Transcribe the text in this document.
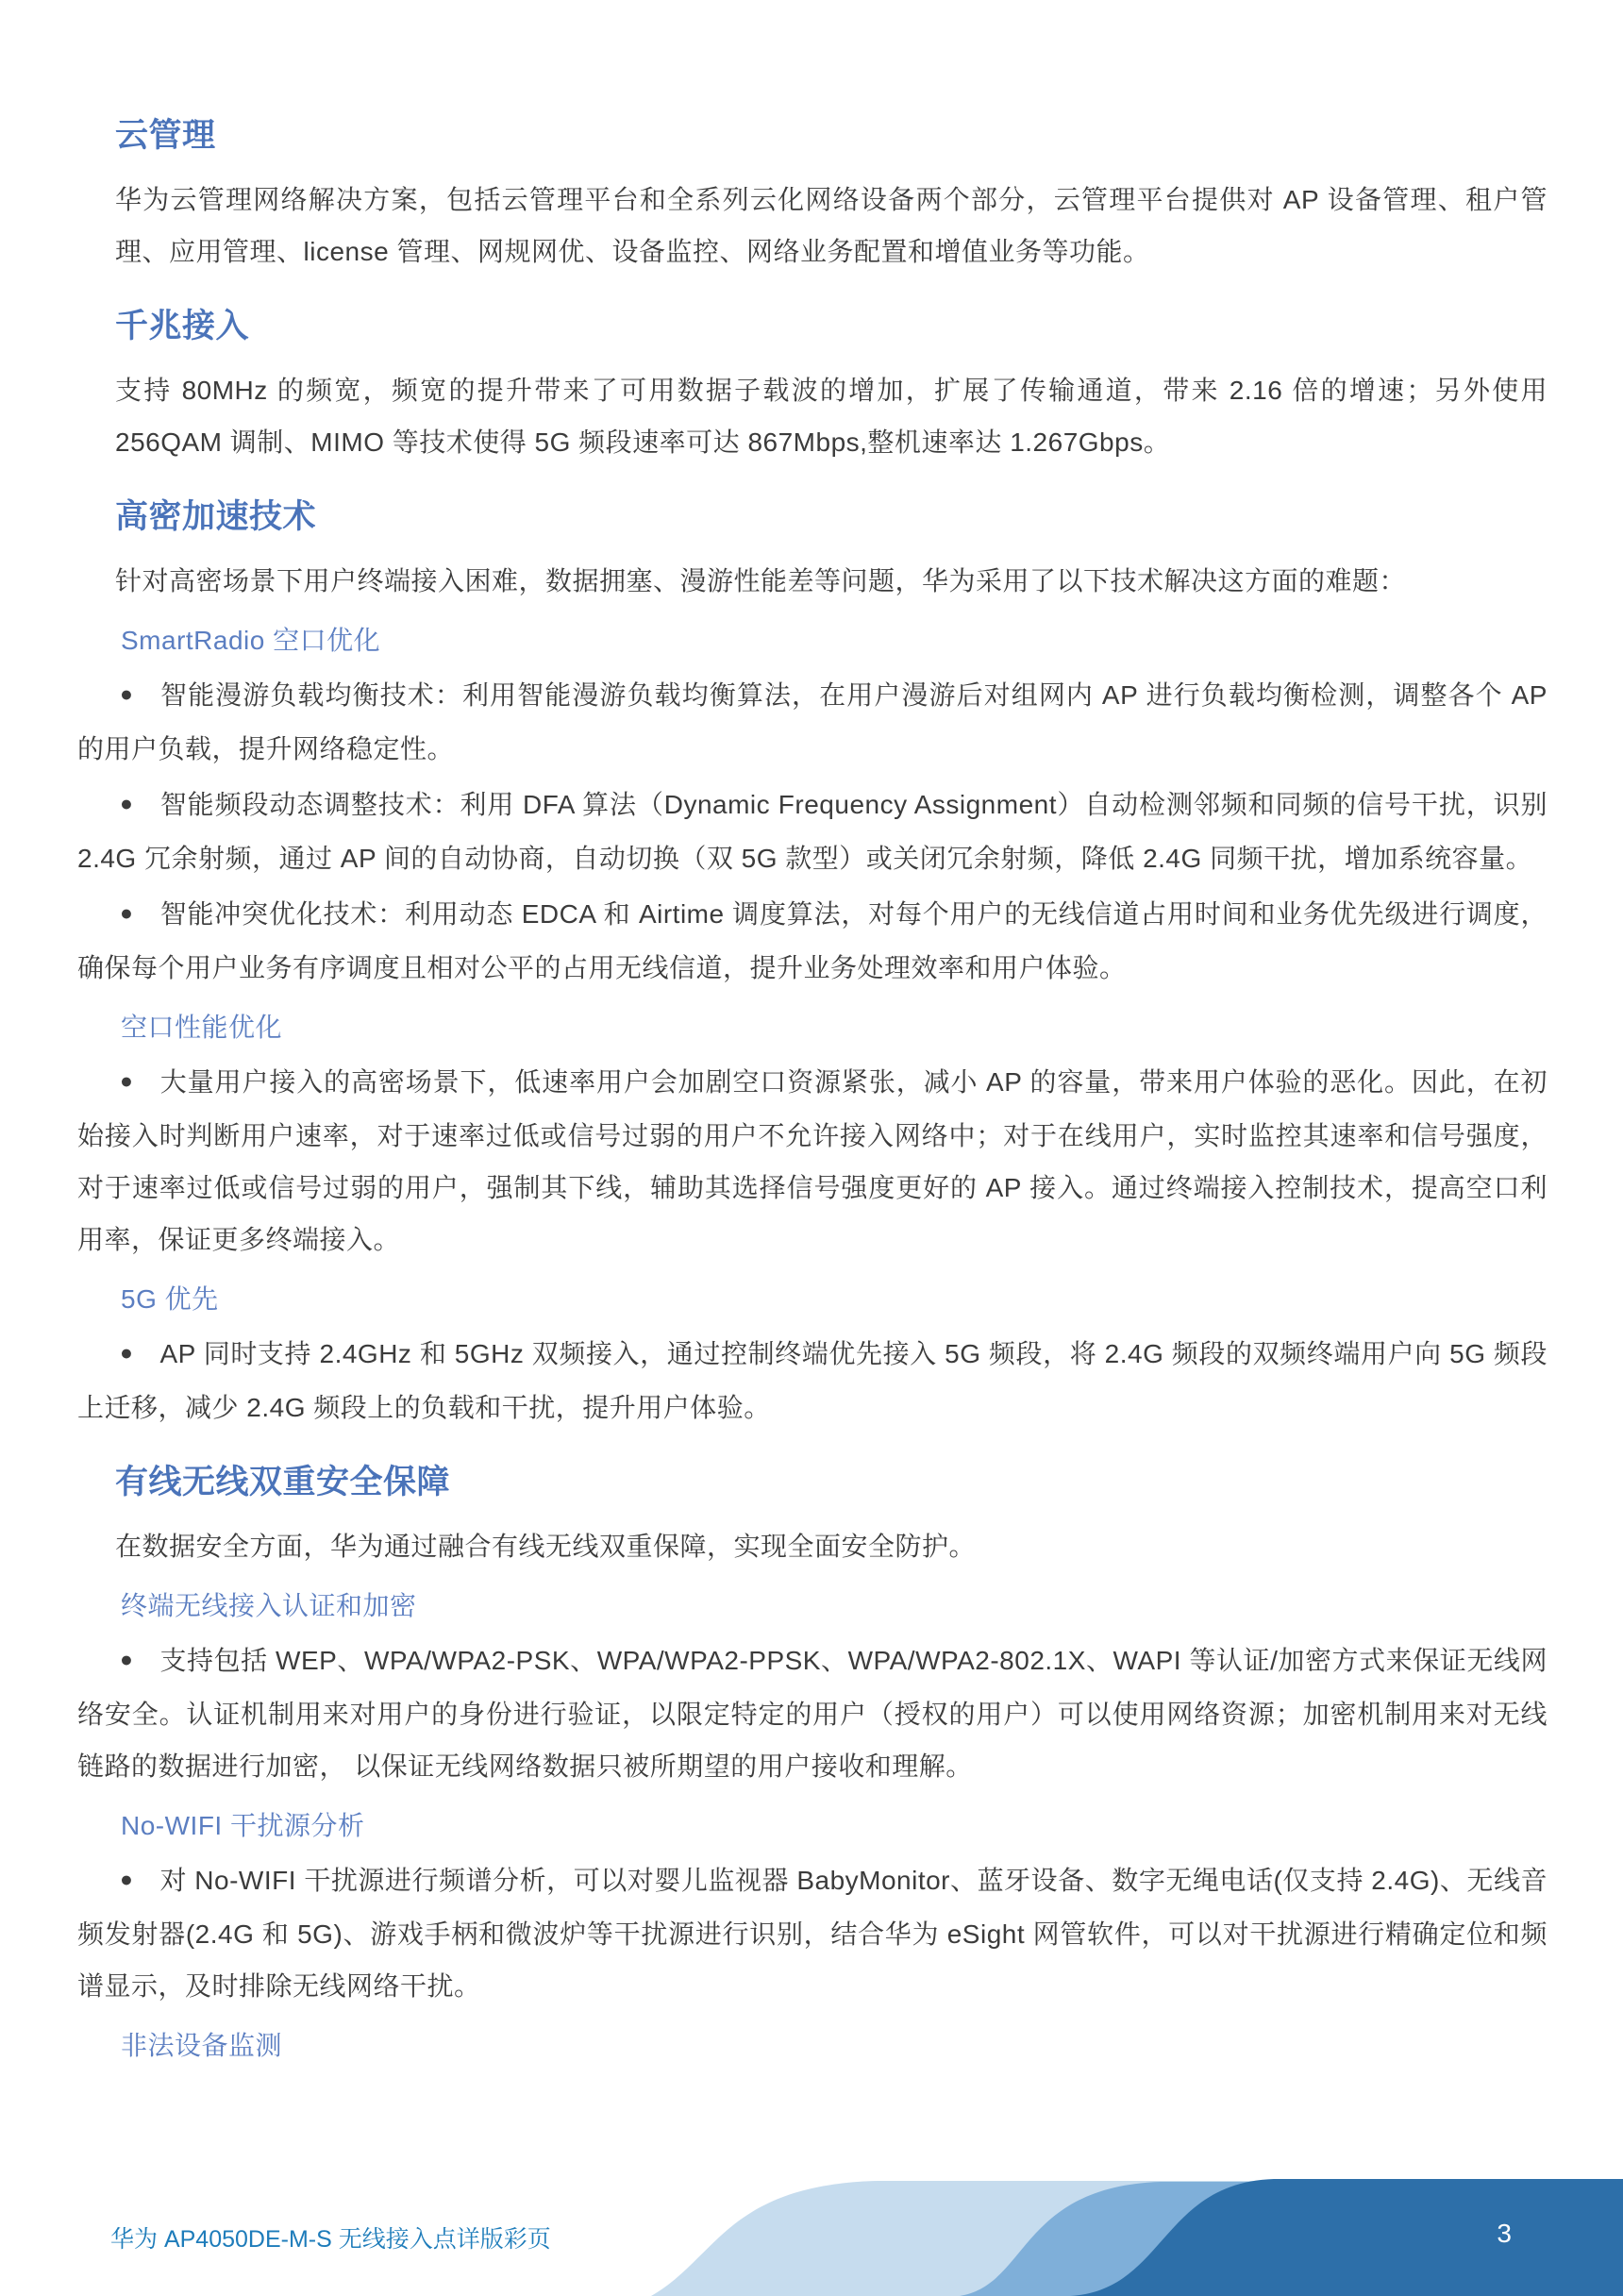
云管理

华为云管理网络解决方案，包括云管理平台和全系列云化网络设备两个部分，云管理平台提供对 AP 设备管理、租户管理、应用管理、license 管理、网规网优、设备监控、网络业务配置和增值业务等功能。

千兆接入

支持 80MHz 的频宽，频宽的提升带来了可用数据子载波的增加，扩展了传输通道，带来 2.16 倍的增速；另外使用 256QAM 调制、MIMO 等技术使得 5G 频段速率可达 867Mbps,整机速率达 1.267Gbps。

高密加速技术

针对高密场景下用户终端接入困难，数据拥塞、漫游性能差等问题，华为采用了以下技术解决这方面的难题：

SmartRadio 空口优化

● 智能漫游负载均衡技术：利用智能漫游负载均衡算法，在用户漫游后对组网内 AP 进行负载均衡检测，调整各个 AP 的用户负载，提升网络稳定性。

● 智能频段动态调整技术：利用 DFA 算法（Dynamic Frequency Assignment）自动检测邻频和同频的信号干扰，识别 2.4G 冗余射频，通过 AP 间的自动协商，自动切换（双 5G 款型）或关闭冗余射频，降低 2.4G 同频干扰，增加系统容量。

● 智能冲突优化技术：利用动态 EDCA 和 Airtime 调度算法，对每个用户的无线信道占用时间和业务优先级进行调度，确保每个用户业务有序调度且相对公平的占用无线信道，提升业务处理效率和用户体验。

空口性能优化

● 大量用户接入的高密场景下，低速率用户会加剧空口资源紧张，减小 AP 的容量，带来用户体验的恶化。因此，在初始接入时判断用户速率，对于速率过低或信号过弱的用户不允许接入网络中；对于在线用户，实时监控其速率和信号强度， 对于速率过低或信号过弱的用户，强制其下线，辅助其选择信号强度更好的 AP 接入。通过终端接入控制技术，提高空口利用率，保证更多终端接入。

5G 优先

● AP 同时支持 2.4GHz 和 5GHz 双频接入，通过控制终端优先接入 5G 频段，将 2.4G 频段的双频终端用户向 5G 频段上迁移，减少 2.4G 频段上的负载和干扰，提升用户体验。

有线无线双重安全保障

在数据安全方面，华为通过融合有线无线双重保障，实现全面安全防护。

终端无线接入认证和加密

● 支持包括 WEP、WPA/WPA2-PSK、WPA/WPA2-PPSK、WPA/WPA2-802.1X、WAPI 等认证/加密方式来保证无线网络安全。认证机制用来对用户的身份进行验证，以限定特定的用户（授权的用户）可以使用网络资源；加密机制用来对无线链路的数据进行加密， 以保证无线网络数据只被所期望的用户接收和理解。

No-WIFI 干扰源分析

● 对 No-WIFI 干扰源进行频谱分析，可以对婴儿监视器 BabyMonitor、蓝牙设备、数字无绳电话(仅支持 2.4G)、无线音频发射器(2.4G 和 5G)、游戏手柄和微波炉等干扰源进行识别，结合华为 eSight 网管软件，可以对干扰源进行精确定位和频谱显示，及时排除无线网络干扰。

非法设备监测

华为 AP4050DE-M-S 无线接入点详版彩页	3
